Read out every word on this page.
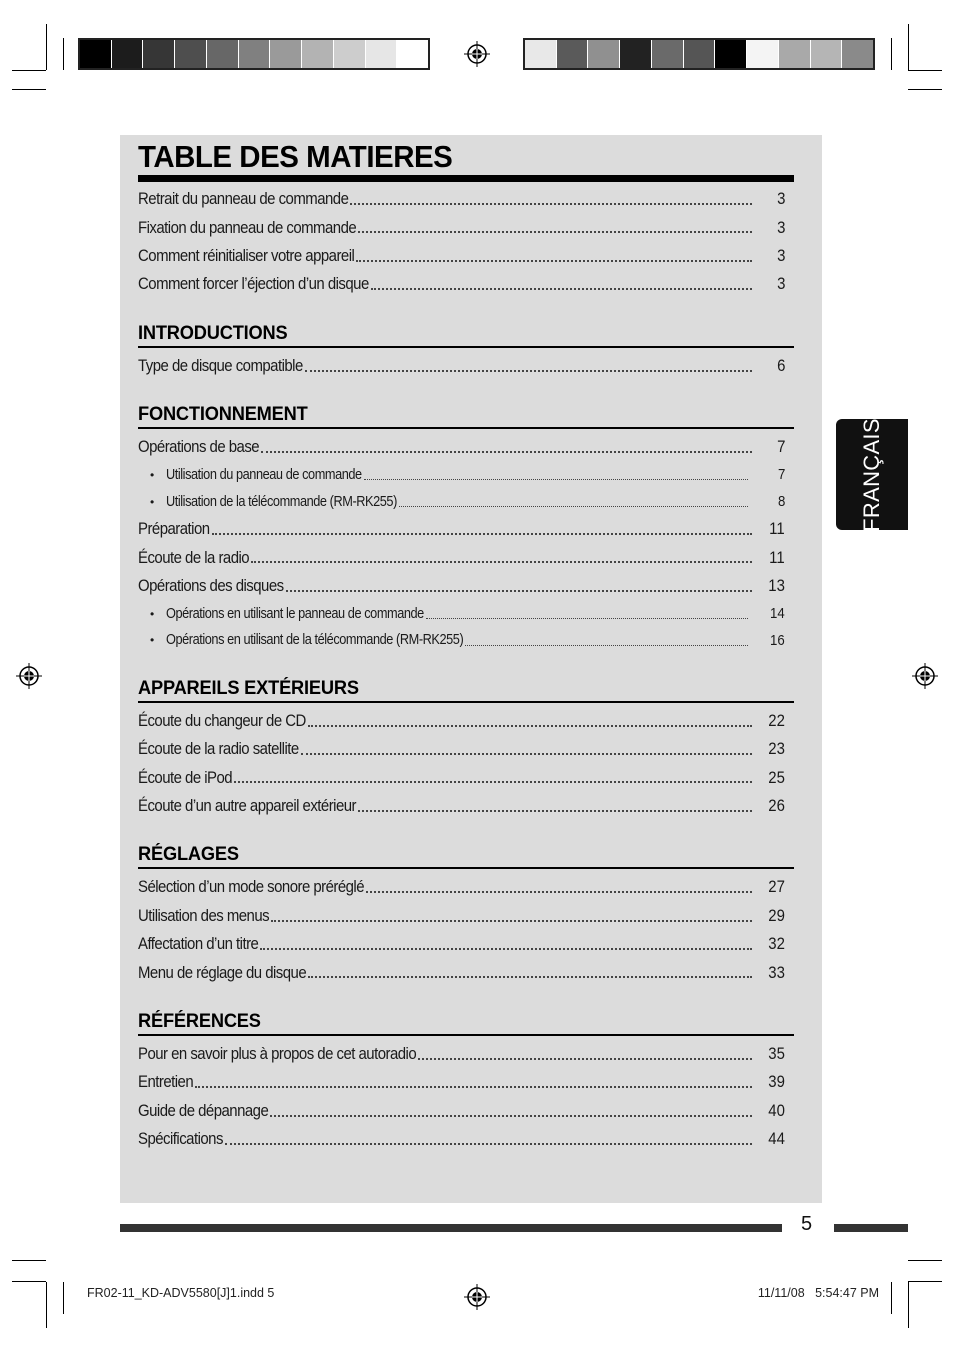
TABLE DES MATIERES
Retrait du panneau de commande	3
Fixation du panneau de commande	3
Comment réinitialiser votre appareil	3
Comment forcer l’éjection d’un disque	3
INTRODUCTIONS
Type de disque compatible	6
FONCTIONNEMENT
Opérations de base	7
• Utilisation du panneau de commande	7
• Utilisation de la télécommande (RM-RK255)	8
Préparation	11
Écoute de la radio	11
Opérations des disques	13
• Opérations en utilisant le panneau de commande	14
• Opérations en utilisant de la télécommande (RM-RK255)	16
APPAREILS EXTÉRIEURS
Écoute du changeur de CD	22
Écoute de la radio satellite	23
Écoute de iPod	25
Écoute d’un autre appareil extérieur	26
RÉGLAGES
Sélection d’un mode sonore préréglé	27
Utilisation des menus	29
Affectation d’un titre	32
Menu de réglage du disque	33
RÉFÉRENCES
Pour en savoir plus à propos de cet autoradio	35
Entretien	39
Guide de dépannage	40
Spécifications	44
FRANÇAIS
5
FR02-11_KD-ADV5580[J]1.indd 5	11/11/08   5:54:47 PM
